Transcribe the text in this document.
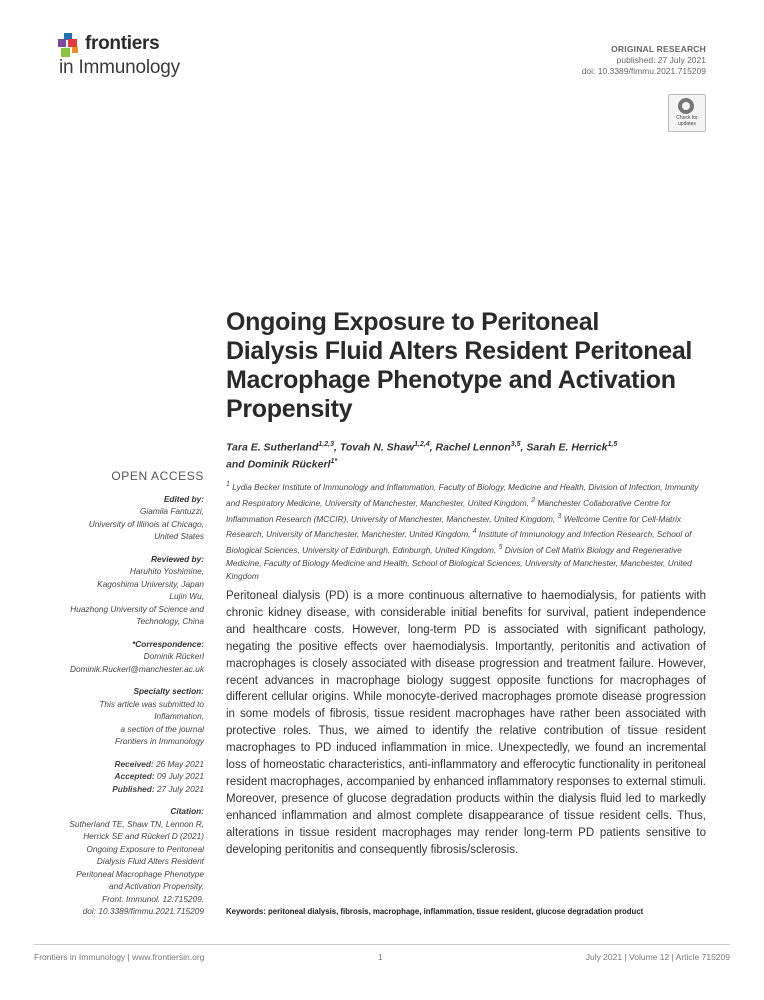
frontiers
in Immunology
ORIGINAL RESEARCH
published: 27 July 2021
doi: 10.3389/fimmu.2021.715209
Check for
updates
Ongoing Exposure to Peritoneal Dialysis Fluid Alters Resident Peritoneal Macrophage Phenotype and Activation Propensity
Tara E. Sutherland$^{1,2,3}$, Tovah N. Shaw$^{1,2,4}$, Rachel Lennon$^{3,5}$, Sarah E. Herrick$^{1,5}$
and Dominik Rückerl$^{1*}$
$^1$ Lydia Becker Institute of Immunology and Inflammation, Faculty of Biology, Medicine and Health, Division of Infection, Immunity and Respiratory Medicine, University of Manchester, Manchester, United Kingdom, $^2$ Manchester Collaborative Centre for Inflammation Research (MCCIR), University of Manchester, Manchester, United Kingdom, $^3$ Wellcome Centre for Cell-Matrix Research, University of Manchester, Manchester, United Kingdom, $^4$ Institute of Immunology and Infection Research, School of Biological Sciences, University of Edinburgh, Edinburgh, United Kingdom, $^5$ Division of Cell Matrix Biology and Regenerative Medicine, Faculty of Biology Medicine and Health, School of Biological Sciences, University of Manchester, Manchester, United Kingdom
OPEN ACCESS
Edited by:
Giamila Fantuzzi,
University of Illinois at Chicago,
United States
Reviewed by:
Haruhito Yoshimine,
Kagoshima University, Japan
Lujin Wu,
Huazhong University of Science and
Technology, China
*Correspondence:
Dominik Rückerl
Dominik.Ruckerl@manchester.ac.uk
Specialty section:
This article was submitted to
Inflammation,
a section of the journal
Frontiers in Immunology
Received: 26 May 2021
Accepted: 09 July 2021
Published: 27 July 2021
Citation:
Sutherland TE, Shaw TN, Lennon R,
Herrick SE and Rückerl D (2021)
Ongoing Exposure to Peritoneal
Dialysis Fluid Alters Resident
Peritoneal Macrophage Phenotype
and Activation Propensity.
Front. Immunol. 12:715209.
doi: 10.3389/fimmu.2021.715209
Peritoneal dialysis (PD) is a more continuous alternative to haemodialysis, for patients with chronic kidney disease, with considerable initial benefits for survival, patient independence and healthcare costs. However, long-term PD is associated with significant pathology, negating the positive effects over haemodialysis. Importantly, peritonitis and activation of macrophages is closely associated with disease progression and treatment failure. However, recent advances in macrophage biology suggest opposite functions for macrophages of different cellular origins. While monocyte-derived macrophages promote disease progression in some models of fibrosis, tissue resident macrophages have rather been associated with protective roles. Thus, we aimed to identify the relative contribution of tissue resident macrophages to PD induced inflammation in mice. Unexpectedly, we found an incremental loss of homeostatic characteristics, anti-inflammatory and efferocytic functionality in peritoneal resident macrophages, accompanied by enhanced inflammatory responses to external stimuli. Moreover, presence of glucose degradation products within the dialysis fluid led to markedly enhanced inflammation and almost complete disappearance of tissue resident cells. Thus, alterations in tissue resident macrophages may render long-term PD patients sensitive to developing peritonitis and consequently fibrosis/sclerosis.
Keywords: peritoneal dialysis, fibrosis, macrophage, inflammation, tissue resident, glucose degradation product
Frontiers in Immunology | www.frontiersin.org	1	July 2021 | Volume 12 | Article 715209
